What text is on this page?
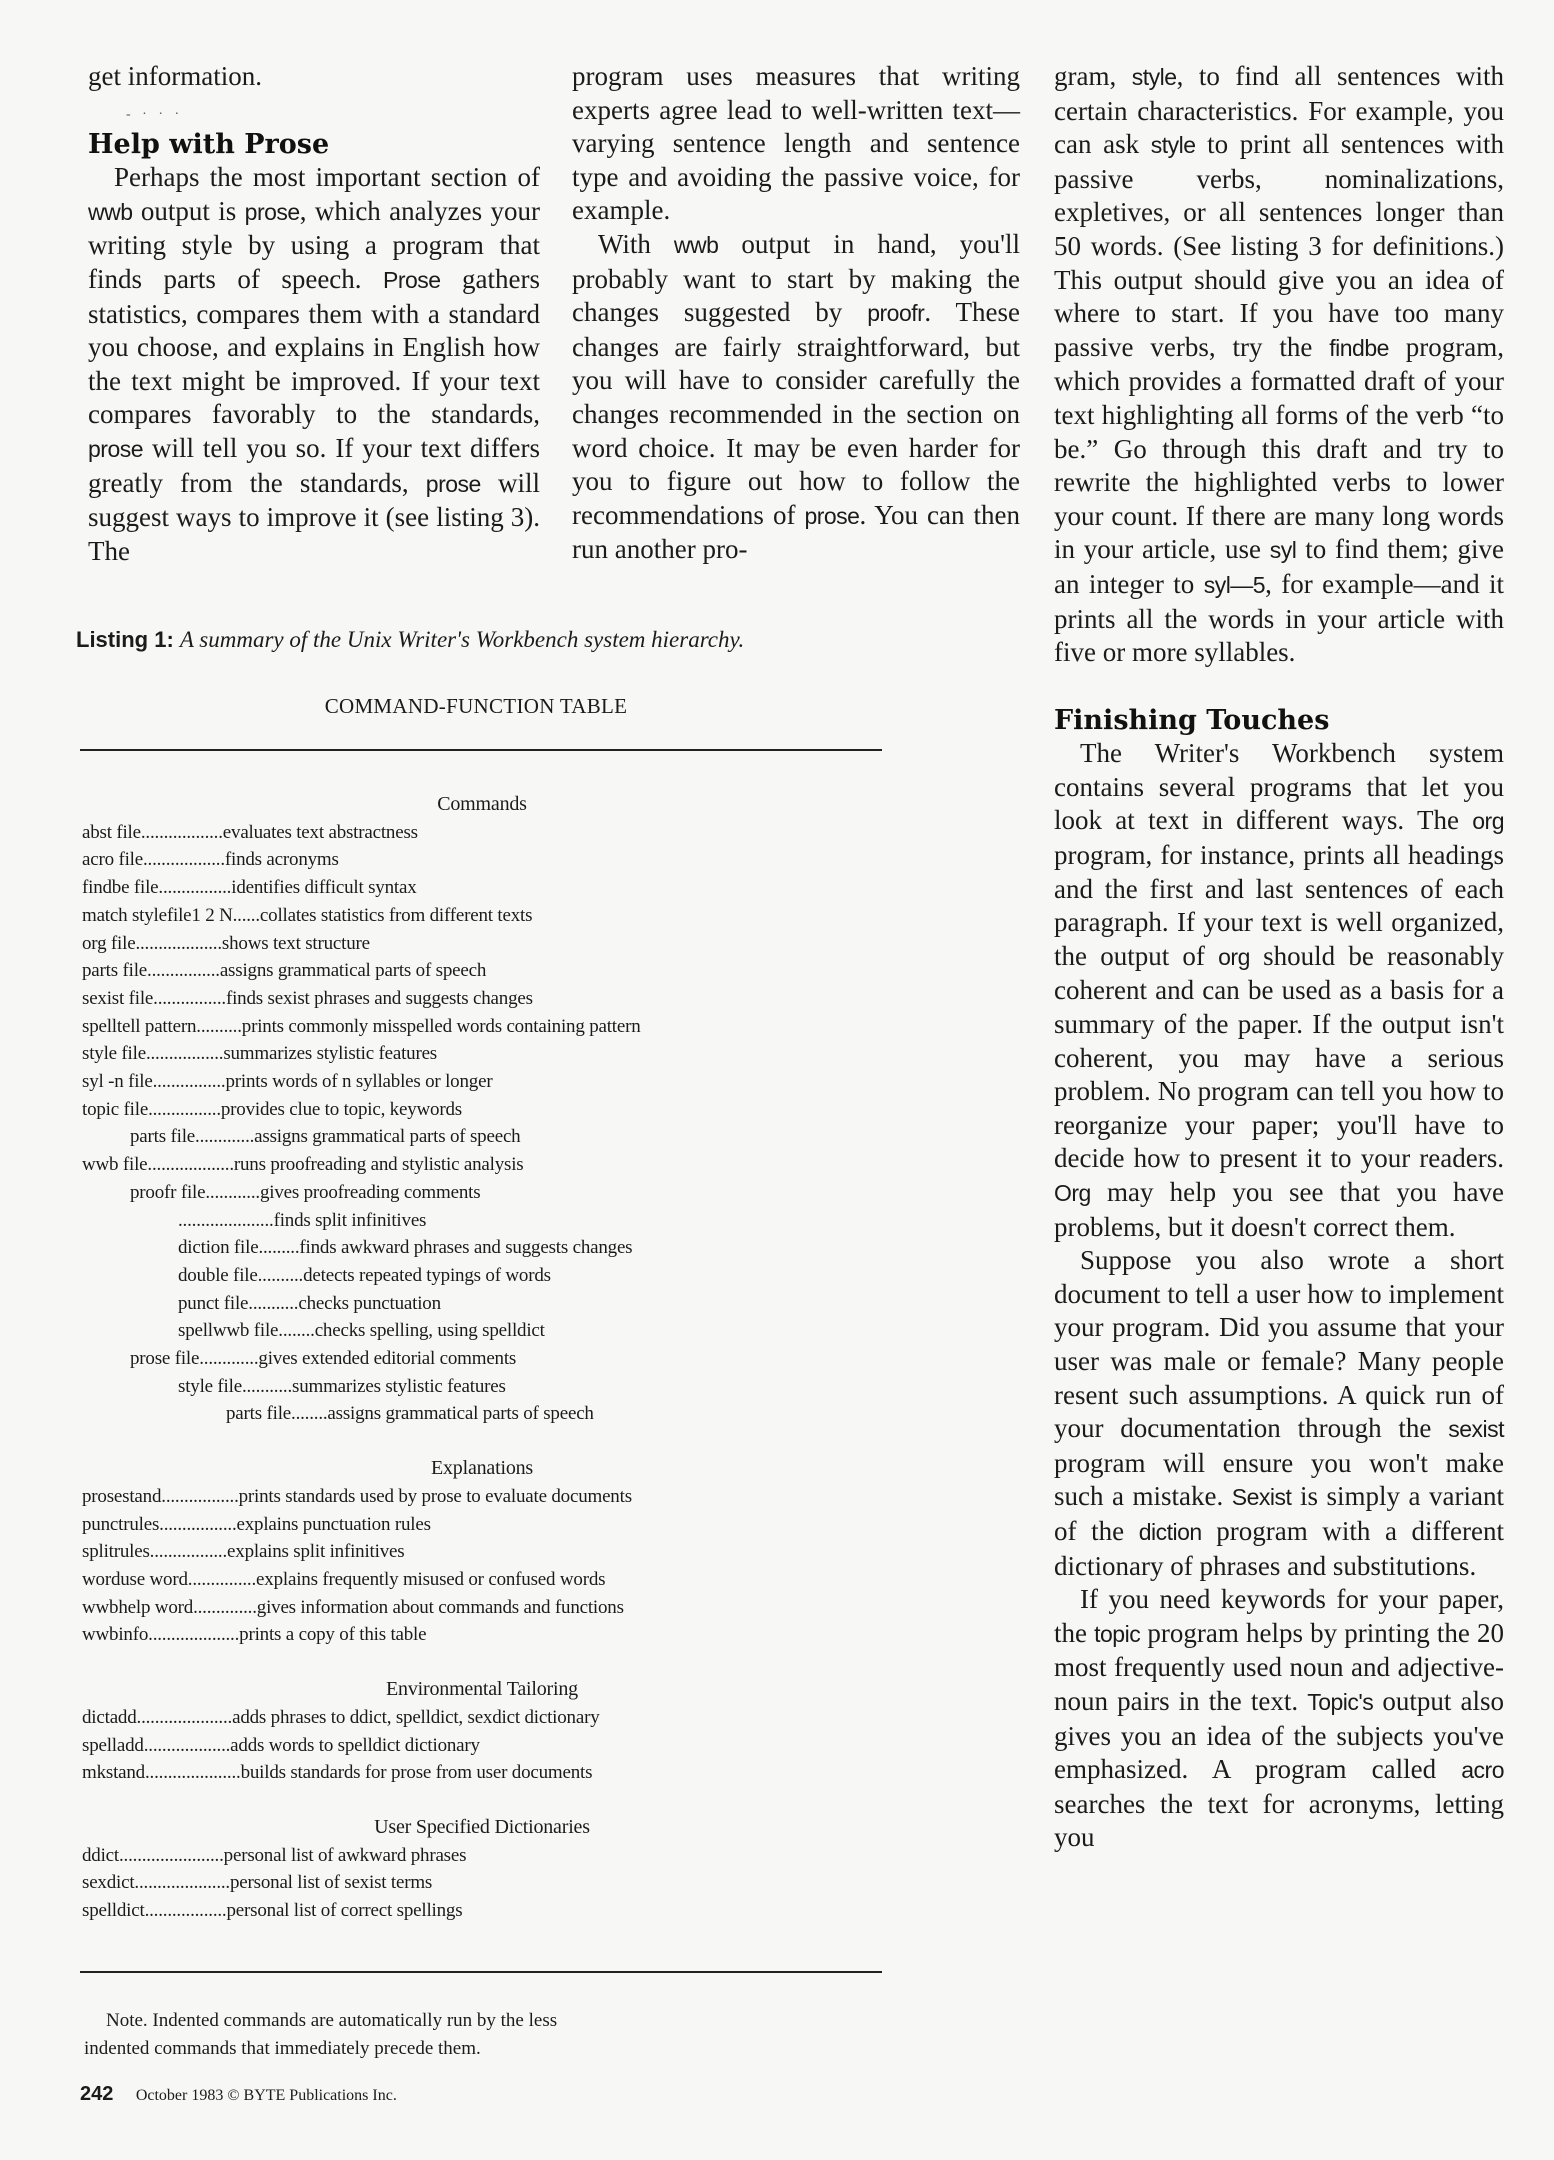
get information.

- · · ·
Help with Prose

Perhaps the most important section of wwb output is prose, which analyzes your writing style by using a program that finds parts of speech. Prose gathers statistics, compares them with a standard you choose, and explains in English how the text might be improved. If your text compares favorably to the standards, prose will tell you so. If your text differs greatly from the standards, prose will suggest ways to improve it (see listing 3). The

program uses measures that writing experts agree lead to well-written text—varying sentence length and sentence type and avoiding the passive voice, for example.

With wwb output in hand, you'll probably want to start by making the changes suggested by proofr. These changes are fairly straightforward, but you will have to consider carefully the changes recommended in the section on word choice. It may be even harder for you to figure out how to follow the recommendations of prose. You can then run another pro-

gram, style, to find all sentences with certain characteristics. For example, you can ask style to print all sentences with passive verbs, nominalizations, expletives, or all sentences longer than 50 words. (See listing 3 for definitions.) This output should give you an idea of where to start. If you have too many passive verbs, try the findbe program, which provides a formatted draft of your text highlighting all forms of the verb “to be.” Go through this draft and try to rewrite the highlighted verbs to lower your count. If there are many long words in your article, use syl to find them; give an integer to syl—5, for example—and it prints all the words in your article with five or more syllables.

Finishing Touches

The Writer's Workbench system contains several programs that let you look at text in different ways. The org program, for instance, prints all headings and the first and last sentences of each paragraph. If your text is well organized, the output of org should be reasonably coherent and can be used as a basis for a summary of the paper. If the output isn't coherent, you may have a serious problem. No program can tell you how to reorganize your paper; you'll have to decide how to present it to your readers. Org may help you see that you have problems, but it doesn't correct them.

Suppose you also wrote a short document to tell a user how to implement your program. Did you assume that your user was male or female? Many people resent such assumptions. A quick run of your documentation through the sexist program will ensure you won't make such a mistake. Sexist is simply a variant of the diction program with a different dictionary of phrases and substitutions.

If you need keywords for your paper, the topic program helps by printing the 20 most frequently used noun and adjective-noun pairs in the text. Topic's output also gives you an idea of the subjects you've emphasized. A program called acro searches the text for acronyms, letting you

Listing 1: A summary of the Unix Writer's Workbench system hierarchy.
COMMAND-FUNCTION TABLE
Commands
abst file..................evaluates text abstractness
acro file..................finds acronyms
findbe file................identifies difficult syntax
match stylefile1 2 N......collates statistics from different texts
org file...................shows text structure
parts file................assigns grammatical parts of speech
sexist file................finds sexist phrases and suggests changes
spelltell pattern..........prints commonly misspelled words containing pattern
style file.................summarizes stylistic features
syl -n file................prints words of n syllables or longer
topic file................provides clue to topic, keywords
parts file.............assigns grammatical parts of speech
wwb file...................runs proofreading and stylistic analysis
proofr file............gives proofreading comments
.....................finds split infinitives
diction file.........finds awkward phrases and suggests changes
double file..........detects repeated typings of words
punct file...........checks punctuation
spellwwb file........checks spelling, using spelldict
prose file.............gives extended editorial comments
style file...........summarizes stylistic features
parts file........assigns grammatical parts of speech
Explanations
prosestand.................prints standards used by prose to evaluate documents
punctrules.................explains punctuation rules
splitrules.................explains split infinitives
worduse word...............explains frequently misused or confused words
wwbhelp word..............gives information about commands and functions
wwbinfo....................prints a copy of this table
Environmental Tailoring
dictadd.....................adds phrases to ddict, spelldict, sexdict dictionary
spelladd...................adds words to spelldict dictionary
mkstand.....................builds standards for prose from user documents
User Specified Dictionaries
ddict.......................personal list of awkward phrases
sexdict.....................personal list of sexist terms
spelldict..................personal list of correct spellings
Note. Indented commands are automatically run by the less
indented commands that immediately precede them.
242 October 1983 © BYTE Publications Inc.
